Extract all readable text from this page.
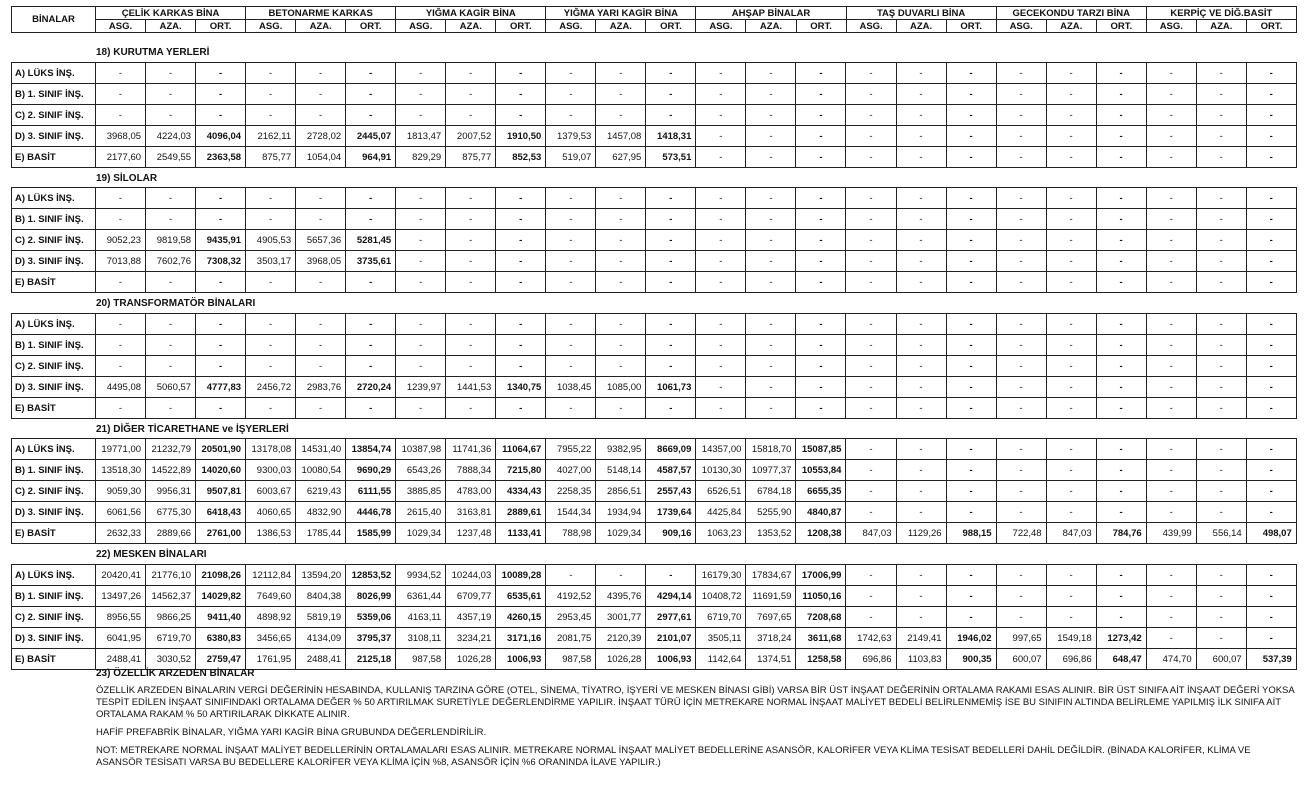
BİNALAR	ÇELİK KARKAS BİNA			BETONARME KARKAS			YIĞMA KAGİR BİNA			YIĞMA YARI KAGİR BİNA			AHŞAP BİNALAR			TAŞ DUVARLI BİNA			GECEKONDU TARZI BİNA			KERPİÇ VE DİĞ.BASİT		
	ASG.	AZA.	ORT.	ASG.	AZA.	ORT.	ASG.	AZA.	ORT.	ASG.	AZA.	ORT.	ASG.	AZA.	ORT.	ASG.	AZA.	ORT.	ASG.	AZA.	ORT.	ASG.	AZA.	ORT.
18) KURUTMA YERLERİ
A) LÜKS İNŞ.	-	-	-	-	-	-	-	-	-	-	-	-	-	-	-	-	-	-	-	-	-	-	-	-
B) 1. SINIF İNŞ.	-	-	-	-	-	-	-	-	-	-	-	-	-	-	-	-	-	-	-	-	-	-	-	-
C) 2. SINIF İNŞ.	-	-	-	-	-	-	-	-	-	-	-	-	-	-	-	-	-	-	-	-	-	-	-	-
D) 3. SINIF İNŞ.	3968,05	4224,03	4096,04	2162,11	2728,02	2445,07	1813,47	2007,52	1910,50	1379,53	1457,08	1418,31	-	-	-	-	-	-	-	-	-	-	-	-
E) BASİT	2177,60	2549,55	2363,58	875,77	1054,04	964,91	829,29	875,77	852,53	519,07	627,95	573,51	-	-	-	-	-	-	-	-	-	-	-	-
19) SİLOLAR
A) LÜKS İNŞ.	-	-	-	-	-	-	-	-	-	-	-	-	-	-	-	-	-	-	-	-	-	-	-	-
B) 1. SINIF İNŞ.	-	-	-	-	-	-	-	-	-	-	-	-	-	-	-	-	-	-	-	-	-	-	-	-
C) 2. SINIF İNŞ.	9052,23	9819,58	9435,91	4905,53	5657,36	5281,45	-	-	-	-	-	-	-	-	-	-	-	-	-	-	-	-	-	-
D) 3. SINIF İNŞ.	7013,88	7602,76	7308,32	3503,17	3968,05	3735,61	-	-	-	-	-	-	-	-	-	-	-	-	-	-	-	-	-	-
E) BASİT	-	-	-	-	-	-	-	-	-	-	-	-	-	-	-	-	-	-	-	-	-	-	-	-
20) TRANSFORMATÖR BİNALARI
A) LÜKS İNŞ.	-	-	-	-	-	-	-	-	-	-	-	-	-	-	-	-	-	-	-	-	-	-	-	-
B) 1. SINIF İNŞ.	-	-	-	-	-	-	-	-	-	-	-	-	-	-	-	-	-	-	-	-	-	-	-	-
C) 2. SINIF İNŞ.	-	-	-	-	-	-	-	-	-	-	-	-	-	-	-	-	-	-	-	-	-	-	-	-
D) 3. SINIF İNŞ.	4495,08	5060,57	4777,83	2456,72	2983,76	2720,24	1239,97	1441,53	1340,75	1038,45	1085,00	1061,73	-	-	-	-	-	-	-	-	-	-	-	-
E) BASİT	-	-	-	-	-	-	-	-	-	-	-	-	-	-	-	-	-	-	-	-	-	-	-	-
21) DİĞER TİCARETHANE ve İŞYERLERİ
A) LÜKS İNŞ.	19771,00	21232,79	20501,90	13178,08	14531,40	13854,74	10387,98	11741,36	11064,67	7955,22	9382,95	8669,09	14357,00	15818,70	15087,85	-	-	-	-	-	-	-	-	-
B) 1. SINIF İNŞ.	13518,30	14522,89	14020,60	9300,03	10080,54	9690,29	6543,26	7888,34	7215,80	4027,00	5148,14	4587,57	10130,30	10977,37	10553,84	-	-	-	-	-	-	-	-	-
C) 2. SINIF İNŞ.	9059,30	9956,31	9507,81	6003,67	6219,43	6111,55	3885,85	4783,00	4334,43	2258,35	2856,51	2557,43	6526,51	6784,18	6655,35	-	-	-	-	-	-	-	-	-
D) 3. SINIF İNŞ.	6061,56	6775,30	6418,43	4060,65	4832,90	4446,78	2615,40	3163,81	2889,61	1544,34	1934,94	1739,64	4425,84	5255,90	4840,87	-	-	-	-	-	-	-	-	-
E) BASİT	2632,33	2889,66	2761,00	1386,53	1785,44	1585,99	1029,34	1237,48	1133,41	788,98	1029,34	909,16	1063,23	1353,52	1208,38	847,03	1129,26	988,15	722,48	847,03	784,76	439,99	556,14	498,07
22) MESKEN BİNALARI
A) LÜKS İNŞ.	20420,41	21776,10	21098,26	12112,84	13594,20	12853,52	9934,52	10244,03	10089,28	-	-	-	16179,30	17834,67	17006,99	-	-	-	-	-	-	-	-	-
B) 1. SINIF İNŞ.	13497,26	14562,37	14029,82	7649,60	8404,38	8026,99	6361,44	6709,77	6535,61	4192,52	4395,76	4294,14	10408,72	11691,59	11050,16	-	-	-	-	-	-	-	-	-
C) 2. SINIF İNŞ.	8956,55	9866,25	9411,40	4898,92	5819,19	5359,06	4163,11	4357,19	4260,15	2953,45	3001,77	2977,61	6719,70	7697,65	7208,68	-	-	-	-	-	-	-	-	-
D) 3. SINIF İNŞ.	6041,95	6719,70	6380,83	3456,65	4134,09	3795,37	3108,11	3234,21	3171,16	2081,75	2120,39	2101,07	3505,11	3718,24	3611,68	1742,63	2149,41	1946,02	997,65	1549,18	1273,42	-	-	-
E) BASİT	2488,41	3030,52	2759,47	1761,95	2488,41	2125,18	987,58	1026,28	1006,93	987,58	1026,28	1006,93	1142,64	1374,51	1258,58	696,86	1103,83	900,35	600,07	696,86	648,47	474,70	600,07	537,39

23) ÖZELLİK ARZEDEN BİNALAR

ÖZELLİK ARZEDEN BİNALARIN VERGİ DEĞERİNİN HESABINDA, KULLANIŞ TARZINA GÖRE (OTEL, SİNEMA, TİYATRO, İŞYERİ VE MESKEN BİNASI GİBİ) VARSA BİR ÜST İNŞAAT DEĞERİNİN ORTALAMA RAKAMI ESAS ALINIR. BİR ÜST SINIFA AİT İNŞAAT DEĞERİ YOKSA TESPİT EDİLEN İNŞAAT SINIFINDAKİ ORTALAMA DEĞER % 50 ARTIRILMAK SURETİYLE DEĞERLENDİRME YAPILIR. İNŞAAT TÜRÜ İÇİN METREKARE NORMAL İNŞAAT MALİYET BEDELİ BELİRLENMEMİŞ İSE BU SINIFIN ALTINDA BELİRLEME YAPILMIŞ İLK SINIFA AİT ORTALAMA RAKAM % 50 ARTIRILARAK DİKKATE ALINIR.

HAFİF PREFABRİK BİNALAR, YIĞMA YARI KAGİR BİNA GRUBUNDA DEĞERLENDİRİLİR.

NOT: METREKARE NORMAL İNŞAAT MALİYET BEDELLERİNİN ORTALAMALARI ESAS ALINIR. METREKARE NORMAL İNŞAAT MALİYET BEDELLERİNE ASANSÖR, KALORİFER VEYA KLİMA TESİSAT BEDELLERİ DAHİL DEĞİLDİR. (BİNADA KALORİFER, KLİMA VE ASANSÖR TESİSATI VARSA BU BEDELLERE KALORİFER VEYA KLİMA İÇİN %8, ASANSÖR İÇİN %6 ORANINDA İLAVE YAPILIR.)
